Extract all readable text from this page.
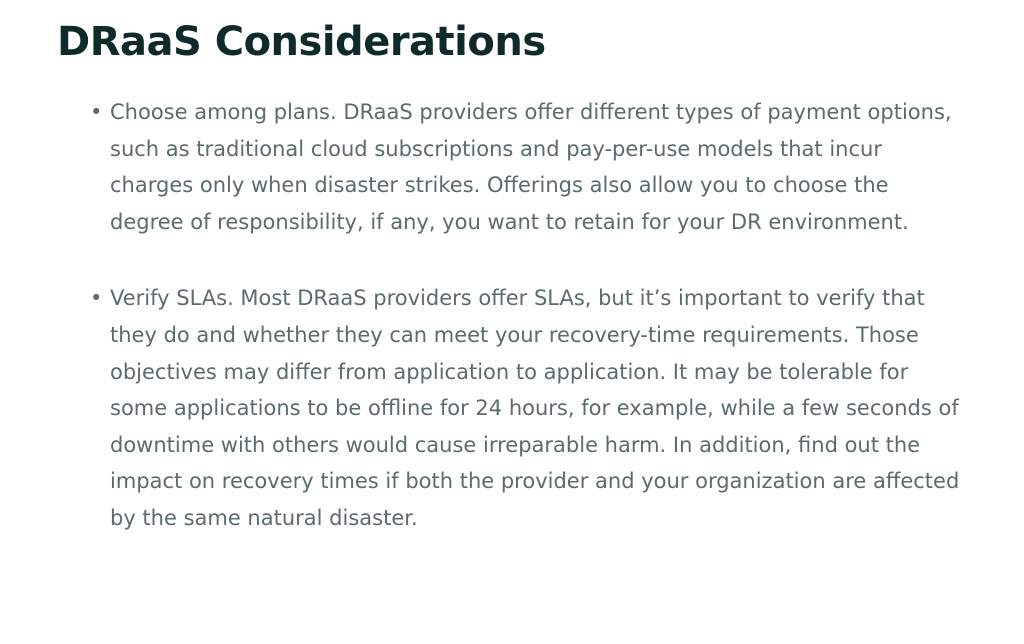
DRaaS Considerations
• Choose among plans. DRaaS providers offer different types of payment options, such as traditional cloud subscriptions and pay-per-use models that incur charges only when disaster strikes. Offerings also allow you to choose the degree of responsibility, if any, you want to retain for your DR environment.
• Verify SLAs. Most DRaaS providers offer SLAs, but it’s important to verify that they do and whether they can meet your recovery-time requirements. Those objectives may differ from application to application. It may be tolerable for some applications to be offline for 24 hours, for example, while a few seconds of downtime with others would cause irreparable harm. In addition, find out the impact on recovery times if both the provider and your organization are affected by the same natural disaster.
